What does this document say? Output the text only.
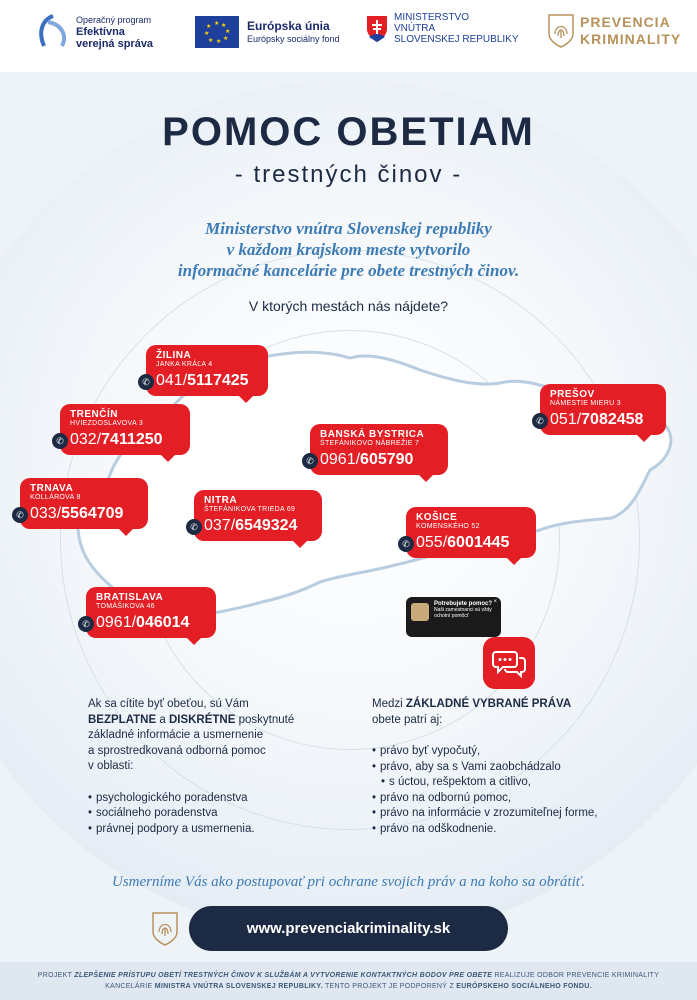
Operačný program
Efektívna
verejná správa
★ ★
★
★
★
★
★
★	Európska únia
Európsky sociálny fond
MINISTERSTVO
VNÚTRA
SLOVENSKEJ REPUBLIKY
PREVENCIA
KRIMINALITY
POMOC OBETIAM
- trestných činov -
Ministerstvo vnútra Slovenskej republiky
v každom krajskom meste vytvorilo
informačné kancelárie pre obete trestných činov.
V ktorých mestách nás nájdete?
ŽILINA
JANKA KRÁĽA 4
041/5117425
✆
TRENČÍN
HVIEZDOSLAVOVA 3
032/7411250
✆
TRNAVA
KOLLÁROVA 8
033/5564709
✆
NITRA
ŠTEFÁNIKOVA TRIEDA 69
037/6549324
✆
BANSKÁ BYSTRICA
ŠTEFÁNIKOVO NÁBREŽIE 7
0961/605790
✆
BRATISLAVA
TOMÁŠIKOVA 46
0961/046014
✆
KOŠICE
KOMENSKÉHO 52
055/6001445
✆
PREŠOV
NÁMESTIE MIERU 3
051/7082458
✆
Potrebujete pomoc?
Naši zamestnanci sú vždy ochotní pomôcť
×
Ak sa cítite byť obeťou, sú Vám
BEZPLATNE a DISKRÉTNE poskytnuté
základné informácie a usmernenie
a sprostredkovaná odborná pomoc
v oblasti:
• psychologického poradenstva
• sociálneho poradenstva
• právnej podpory a usmernenia.
Medzi ZÁKLADNÉ VYBRANÉ PRÁVA
obete patrí aj:
• právo byť vypočutý,
• právo, aby sa s Vami zaobchádzalo
• s úctou, rešpektom a citlivo,
• právo na odbornú pomoc,
• právo na informácie v zrozumiteľnej forme,
• právo na odškodnenie.
Usmerníme Vás ako postupovať pri ochrane svojich práv a na koho sa obrátiť.
www.prevenciakriminality.sk
PROJEKT ZLEPŠENIE PRÍSTUPU OBETÍ TRESTNÝCH ČINOV K SLUŽBÁM A VYTVORENIE KONTAKTNÝCH BODOV PRE OBETE REALIZUJE ODBOR PREVENCIE KRIMINALITY
KANCELÁRIE MINISTRA VNÚTRA SLOVENSKEJ REPUBLIKY. TENTO PROJEKT JE PODPORENÝ Z EURÓPSKEHO SOCIÁLNEHO FONDU.
